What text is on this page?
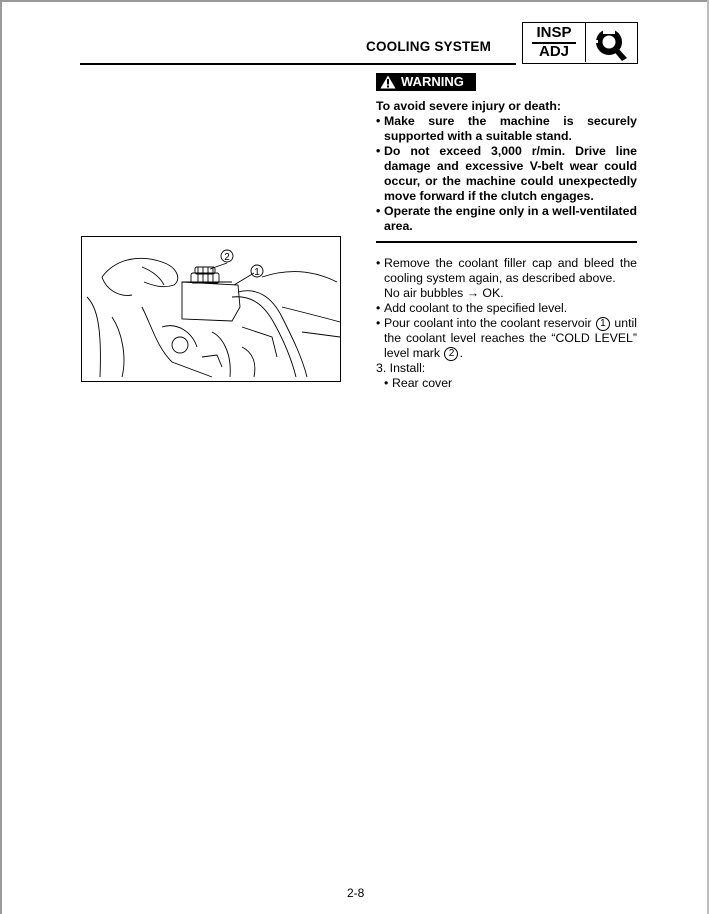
COOLING SYSTEM
INSP
ADJ
WARNING

To avoid severe injury or death:

• Make sure the machine is securely supported with a suitable stand.

• Do not exceed 3,000 r/min. Drive line damage and excessive V-belt wear could occur, or the machine could unexpectedly move forward if the clutch engages.

• Operate the engine only in a well-ventilated area.

2
1

• Remove the coolant filler cap and bleed the cooling system again, as described above.

No air bubbles → OK.

• Add coolant to the specified level.

• Pour coolant into the coolant reservoir 1 until the coolant level reaches the “COLD LEVEL” level mark 2 .

3. Install:

• Rear cover

2-8
